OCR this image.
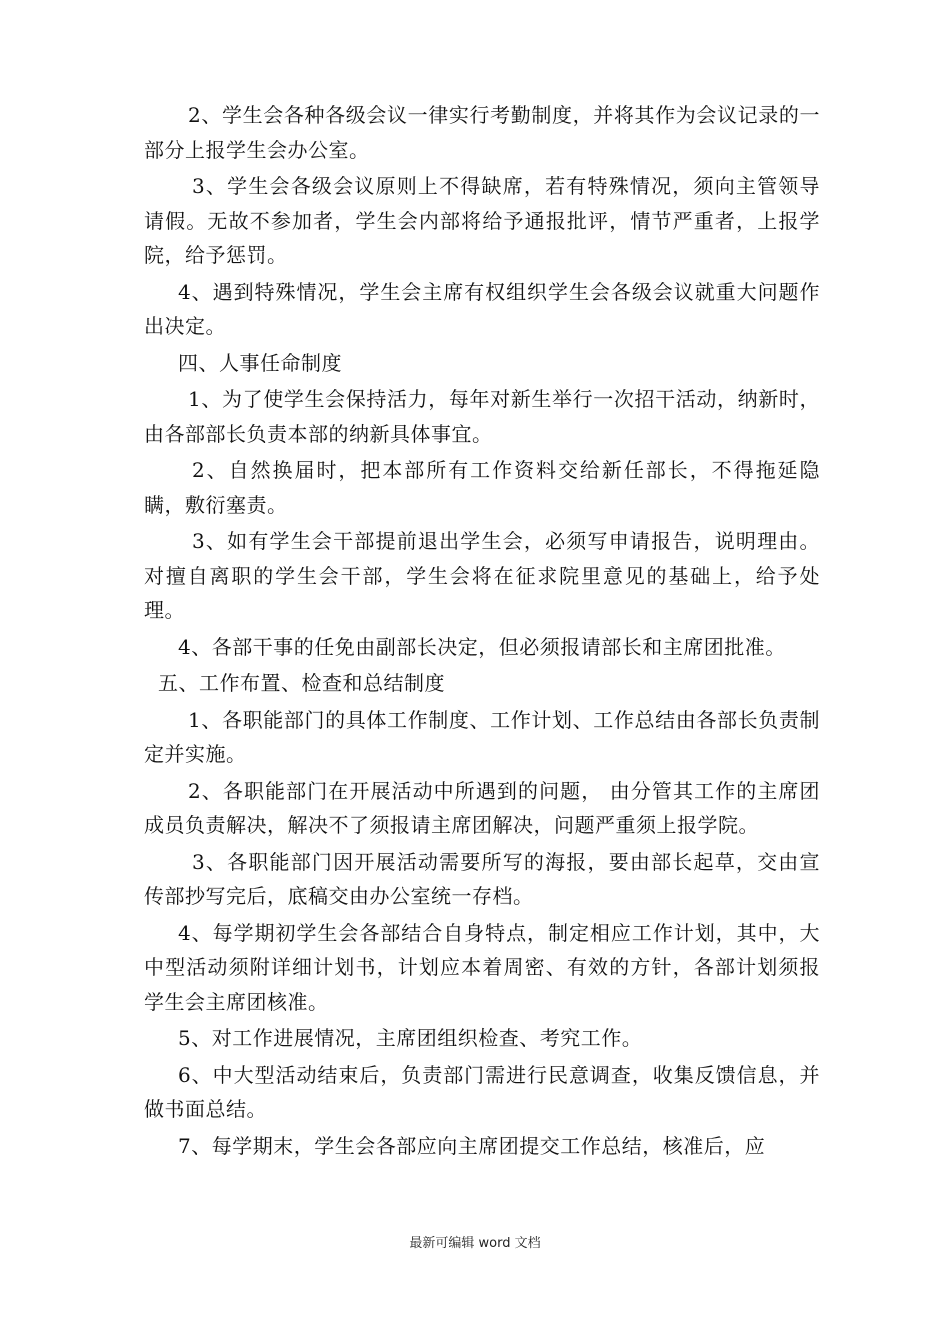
2、学生会各种各级会议一律实行考勤制度，并将其作为会议记录的一部分上报学生会办公室。

3、学生会各级会议原则上不得缺席，若有特殊情况，须向主管领导请假。无故不参加者，学生会内部将给予通报批评，情节严重者，上报学院，给予惩罚。

4、遇到特殊情况，学生会主席有权组织学生会各级会议就重大问题作出决定。

四、人事任命制度

1、为了使学生会保持活力，每年对新生举行一次招干活动，纳新时，由各部部长负责本部的纳新具体事宜。

2、自然换届时，把本部所有工作资料交给新任部长，不得拖延隐瞒，敷衍塞责。

3、如有学生会干部提前退出学生会，必须写申请报告，说明理由。对擅自离职的学生会干部，学生会将在征求院里意见的基础上，给予处理。

4、各部干事的任免由副部长决定，但必须报请部长和主席团批准。

五、工作布置、检查和总结制度

1、各职能部门的具体工作制度、工作计划、工作总结由各部长负责制定并实施。

2、各职能部门在开展活动中所遇到的问题， 由分管其工作的主席团成员负责解决，解决不了须报请主席团解决，问题严重须上报学院。

3、各职能部门因开展活动需要所写的海报，要由部长起草，交由宣传部抄写完后，底稿交由办公室统一存档。

4、每学期初学生会各部结合自身特点，制定相应工作计划，其中，大中型活动须附详细计划书，计划应本着周密、有效的方针，各部计划须报学生会主席团核准。

5、对工作进展情况，主席团组织检查、考究工作。

6、中大型活动结束后，负责部门需进行民意调查，收集反馈信息，并做书面总结。

7、每学期末，学生会各部应向主席团提交工作总结，核准后，应

最新可编辑 word 文档
